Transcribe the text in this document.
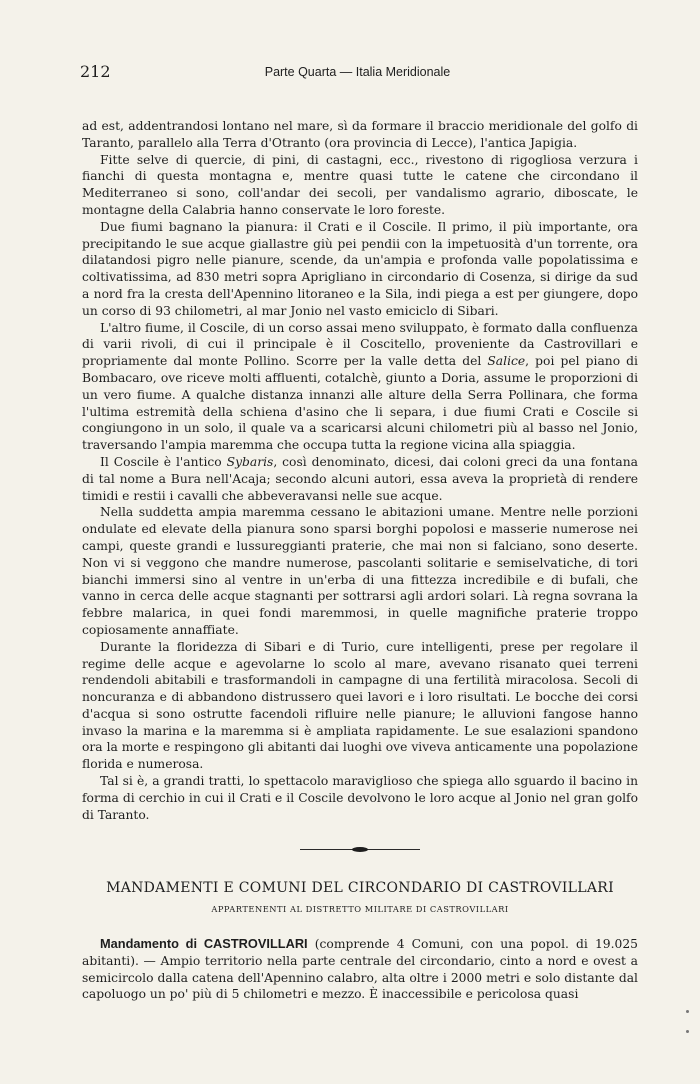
212	Parte Quarta — Italia Meridionale

ad est, addentrandosi lontano nel mare, sì da formare il braccio meridionale del golfo di Taranto, parallelo alla Terra d'Otranto (ora provincia di Lecce), l'antica Japigia.

Fitte selve di quercie, di pini, di castagni, ecc., rivestono di rigogliosa verzura i fianchi di questa montagna e, mentre quasi tutte le catene che circondano il Mediterraneo si sono, coll'andar dei secoli, per vandalismo agrario, diboscate, le montagne della Calabria hanno conservate le loro foreste.

Due fiumi bagnano la pianura: il Crati e il Coscile. Il primo, il più importante, ora precipitando le sue acque giallastre giù pei pendii con la impetuosità d'un torrente, ora dilatandosi pigro nelle pianure, scende, da un'ampia e profonda valle popolatissima e coltivatissima, ad 830 metri sopra Aprigliano in circondario di Cosenza, si dirige da sud a nord fra la cresta dell'Apennino litoraneo e la Sila, indi piega a est per giungere, dopo un corso di 93 chilometri, al mar Jonio nel vasto emiciclo di Sibari.

L'altro fiume, il Coscile, di un corso assai meno sviluppato, è formato dalla confluenza di varii rivoli, di cui il principale è il Coscitello, proveniente da Castrovillari e propriamente dal monte Pollino. Scorre per la valle detta del Salice, poi pel piano di Bombacaro, ove riceve molti affluenti, cotalchè, giunto a Doria, assume le proporzioni di un vero fiume. A qualche distanza innanzi alle alture della Serra Pollinara, che forma l'ultima estremità della schiena d'asino che li separa, i due fiumi Crati e Coscile si congiungono in un solo, il quale va a scaricarsi alcuni chilometri più al basso nel Jonio, traversando l'ampia maremma che occupa tutta la regione vicina alla spiaggia.

Il Coscile è l'antico Sybaris, così denominato, dicesi, dai coloni greci da una fontana di tal nome a Bura nell'Acaja; secondo alcuni autori, essa aveva la proprietà di rendere timidi e restii i cavalli che abbeveravansi nelle sue acque.

Nella suddetta ampia maremma cessano le abitazioni umane. Mentre nelle porzioni ondulate ed elevate della pianura sono sparsi borghi popolosi e masserie numerose nei campi, queste grandi e lussureggianti praterie, che mai non si falciano, sono deserte. Non vi si veggono che mandre numerose, pascolanti solitarie e semiselvatiche, di tori bianchi immersi sino al ventre in un'erba di una fittezza incredibile e di bufali, che vanno in cerca delle acque stagnanti per sottrarsi agli ardori solari. Là regna sovrana la febbre malarica, in quei fondi maremmosi, in quelle magnifiche praterie troppo copiosamente annaffiate.

Durante la floridezza di Sibari e di Turio, cure intelligenti, prese per regolare il regime delle acque e agevolarne lo scolo al mare, avevano risanato quei terreni rendendoli abitabili e trasformandoli in campagne di una fertilità miracolosa. Secoli di noncuranza e di abbandono distrussero quei lavori e i loro risultati. Le bocche dei corsi d'acqua si sono ostrutte facendoli rifluire nelle pianure; le alluvioni fangose hanno invaso la marina e la maremma si è ampliata rapidamente. Le sue esalazioni spandono ora la morte e respingono gli abitanti dai luoghi ove viveva anticamente una popolazione florida e numerosa.

Tal si è, a grandi tratti, lo spettacolo maraviglioso che spiega allo sguardo il bacino in forma di cerchio in cui il Crati e il Coscile devolvono le loro acque al Jonio nel gran golfo di Taranto.

MANDAMENTI E COMUNI DEL CIRCONDARIO DI CASTROVILLARI
APPARTENENTI AL DISTRETTO MILITARE DI CASTROVILLARI
Mandamento di CASTROVILLARI (comprende 4 Comuni, con una popol. di 19.025 abitanti). — Ampio territorio nella parte centrale del circondario, cinto a nord e ovest a semicircolo dalla catena dell'Apennino calabro, alta oltre i 2000 metri e solo distante dal capoluogo un po' più di 5 chilometri e mezzo. È inaccessibile e pericolosa quasi
